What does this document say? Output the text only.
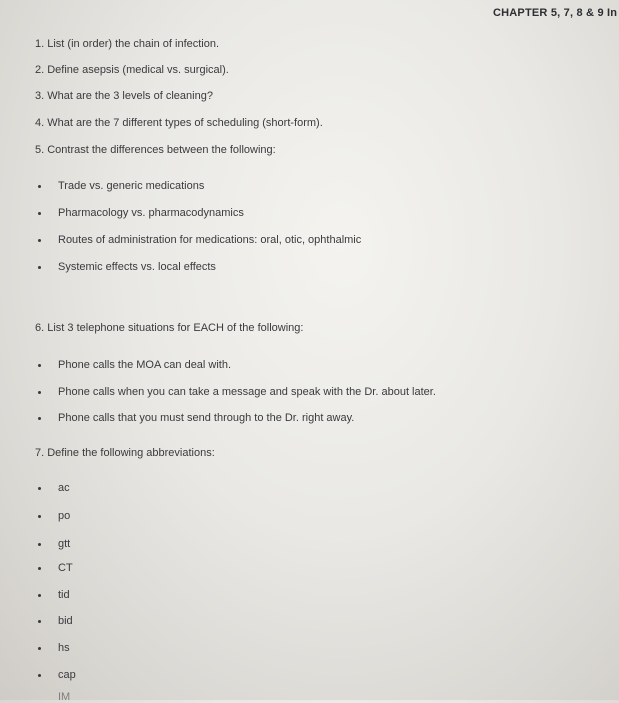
CHAPTER 5, 7, 8 & 9 In
1. List (in order) the chain of infection.
2. Define asepsis (medical vs. surgical).
3. What are the 3 levels of cleaning?
4. What are the 7 different types of scheduling (short-form).
5. Contrast the differences between the following:
Trade vs. generic medications
Pharmacology vs. pharmacodynamics
Routes of administration for medications: oral, otic, ophthalmic
Systemic effects vs. local effects
6. List 3 telephone situations for EACH of the following:
Phone calls the MOA can deal with.
Phone calls when you can take a message and speak with the Dr. about later.
Phone calls that you must send through to the Dr. right away.
7. Define the following abbreviations:
ac
po
gtt
CT
tid
bid
hs
cap
IM
